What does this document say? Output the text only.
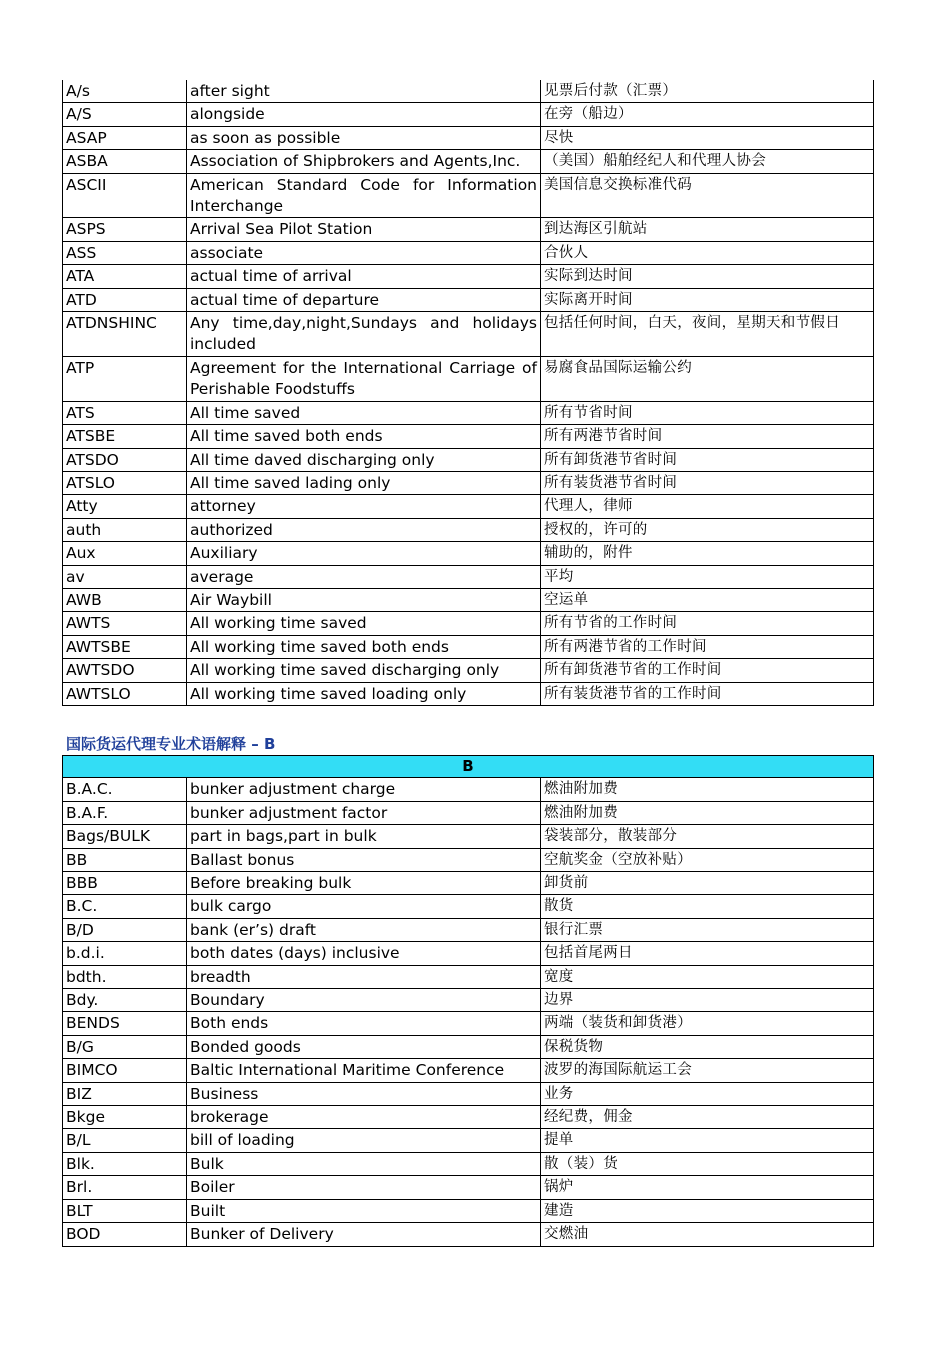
A/s	after sight	见票后付款（汇票）
A/S	alongside	在旁（船边）
ASAP	as soon as possible	尽快
ASBA	Association of Shipbrokers and Agents,Inc.	（美国）船舶经纪人和代理人协会
ASCII	American Standard Code for Information Interchange	美国信息交换标准代码
ASPS	Arrival Sea Pilot Station	到达海区引航站
ASS	associate	合伙人
ATA	actual time of arrival	实际到达时间
ATD	actual time of departure	实际离开时间
ATDNSHINC	Any time,day,night,Sundays and holidays included	包括任何时间，白天，夜间，星期天和节假日
ATP	Agreement for the International Carriage of Perishable Foodstuffs	易腐食品国际运输公约
ATS	All time saved	所有节省时间
ATSBE	All time saved both ends	所有两港节省时间
ATSDO	All time daved discharging only	所有卸货港节省时间
ATSLO	All time saved lading only	所有装货港节省时间
Atty	attorney	代理人，律师
auth	authorized	授权的，许可的
Aux	Auxiliary	辅助的，附件
av	average	平均
AWB	Air Waybill	空运单
AWTS	All working time saved	所有节省的工作时间
AWTSBE	All working time saved both ends	所有两港节省的工作时间
AWTSDO	All working time saved discharging only	所有卸货港节省的工作时间
AWTSLO	All working time saved loading only	所有装货港节省的工作时间
国际货运代理专业术语解释 – B
B		
B.A.C.	bunker adjustment charge	燃油附加费
B.A.F.	bunker adjustment factor	燃油附加费
Bags/BULK	part in bags,part in bulk	袋装部分，散装部分
BB	Ballast bonus	空航奖金（空放补贴）
BBB	Before breaking bulk	卸货前
B.C.	bulk cargo	散货
B/D	bank (er’s) draft	银行汇票
b.d.i.	both dates (days) inclusive	包括首尾两日
bdth.	breadth	宽度
Bdy.	Boundary	边界
BENDS	Both ends	两端（装货和卸货港）
B/G	Bonded goods	保税货物
BIMCO	Baltic International Maritime Conference	波罗的海国际航运工会
BIZ	Business	业务
Bkge	brokerage	经纪费，佣金
B/L	bill of loading	提单
Blk.	Bulk	散（装）货
Brl.	Boiler	锅炉
BLT	Built	建造
BOD	Bunker of Delivery	交燃油
